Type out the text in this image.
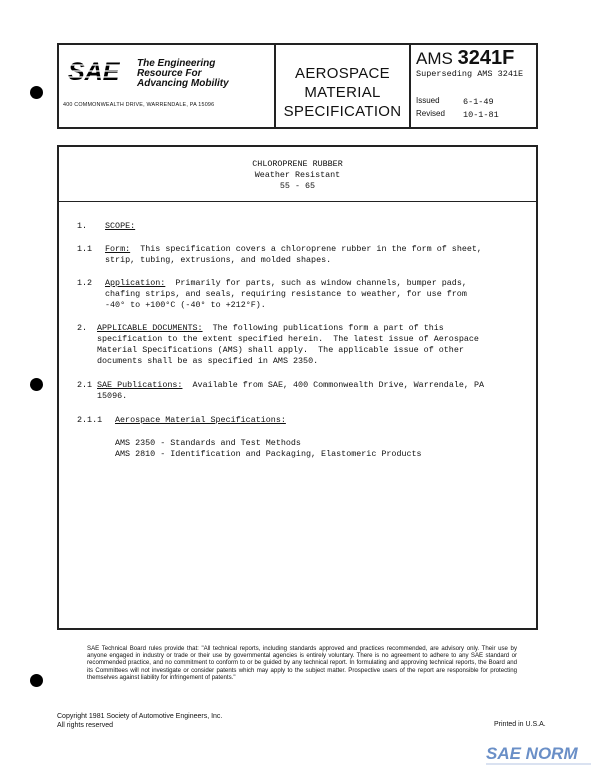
SAE The Engineering
Resource For
Advancing Mobility
400 COMMONWEALTH DRIVE, WARRENDALE, PA 15096
AEROSPACE
MATERIAL
SPECIFICATION
AMS 3241F
Superseding AMS 3241E
Issued	6-1-49
Revised 10-1-81
CHLOROPRENE RUBBER
Weather Resistant
55 - 65
1. SCOPE:
1.1 Form: This specification covers a chloroprene rubber in the form of sheet,
strip, tubing, extrusions, and molded shapes.
1.2 Application: Primarily for parts, such as window channels, bumper pads,
chafing strips, and seals, requiring resistance to weather, for use from
-40° to +100°C (-40° to +212°F).
2. APPLICABLE DOCUMENTS: The following publications form a part of this
specification to the extent specified herein.  The latest issue of Aerospace
Material Specifications (AMS) shall apply.  The applicable issue of other
documents shall be as specified in AMS 2350.
2.1 SAE Publications: Available from SAE, 400 Commonwealth Drive, Warrendale, PA
15096.
2.1.1 Aerospace Material Specifications:
AMS 2350 - Standards and Test Methods
AMS 2810 - Identification and Packaging, Elastomeric Products
SAE Technical Board rules provide that: "All technical reports, including standards approved and practices recommended, are advisory only. Their use by anyone engaged in industry or trade or their use by governmental agencies is entirely voluntary. There is no agreement to adhere to any SAE standard or recommended practice, and no commitment to conform to or be guided by any technical report. In formulating and approving technical reports, the Board and its Committees will not investigate or consider patents which may apply to the subject matter. Prospective users of the report are responsible for protecting themselves against liability for infringement of patents."
Copyright 1981 Society of Automotive Engineers, Inc.
All rights reserved	Printed in U.S.A.
SAE NORM
